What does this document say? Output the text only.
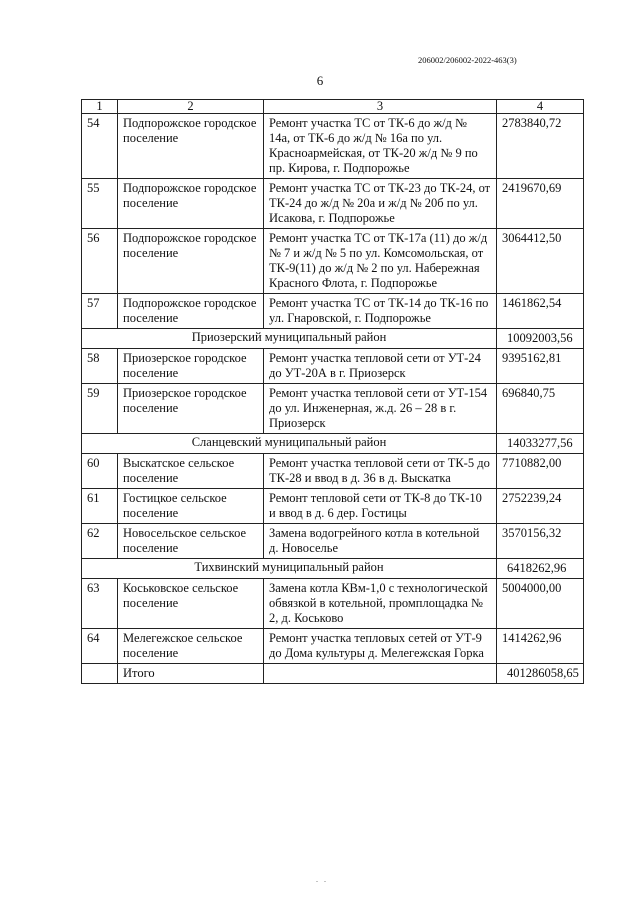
206002/206002-2022-463(3)
6
1	2	3	4
54	Подпорожское городское поселение	Ремонт участка ТС от ТК-6 до ж/д № 14а, от ТК-6 до ж/д № 16а по ул. Красноармейская, от ТК-20 ж/д № 9 по пр. Кирова, г. Подпорожье	2783840,72
55	Подпорожское городское поселение	Ремонт участка ТС от ТК-23 до ТК-24, от ТК-24 до ж/д № 20а и ж/д № 20б по ул. Исакова, г. Подпорожье	2419670,69
56	Подпорожское городское поселение	Ремонт участка ТС от ТК-17а (11) до ж/д № 7 и ж/д № 5 по ул. Комсомольская, от ТК-9(11) до ж/д № 2 по ул. Набережная Красного Флота, г. Подпорожье	3064412,50
57	Подпорожское городское поселение	Ремонт участка ТС от ТК-14 до ТК-16 по ул. Гнаровской, г. Подпорожье	1461862,54
Приозерский муниципальный район			10092003,56
58	Приозерское городское поселение	Ремонт участка тепловой сети от УТ-24 до УТ-20А в г. Приозерск	9395162,81
59	Приозерское городское поселение	Ремонт участка тепловой сети от УТ-154 до ул. Инженерная, ж.д. 26 – 28 в г. Приозерск	696840,75
Сланцевский муниципальный район			14033277,56
60	Выскатское сельское поселение	Ремонт участка тепловой сети от ТК-5 до ТК-28 и ввод в д. 36 в д. Выскатка	7710882,00
61	Гостицкое сельское поселение	Ремонт тепловой сети от ТК-8 до ТК-10 и ввод в д. 6 дер. Гостицы	2752239,24
62	Новосельское сельское поселение	Замена водогрейного котла в котельной д. Новоселье	3570156,32
Тихвинский муниципальный район			6418262,96
63	Коськовское сельское поселение	Замена котла КВм-1,0 с технологической обвязкой в котельной, промплощадка № 2, д. Коськово	5004000,00
64	Мелегежское сельское поселение	Ремонт участка тепловых сетей от УТ-9 до Дома культуры д. Мелегежская Горка	1414262,96
	Итого		401286058,65
. .
